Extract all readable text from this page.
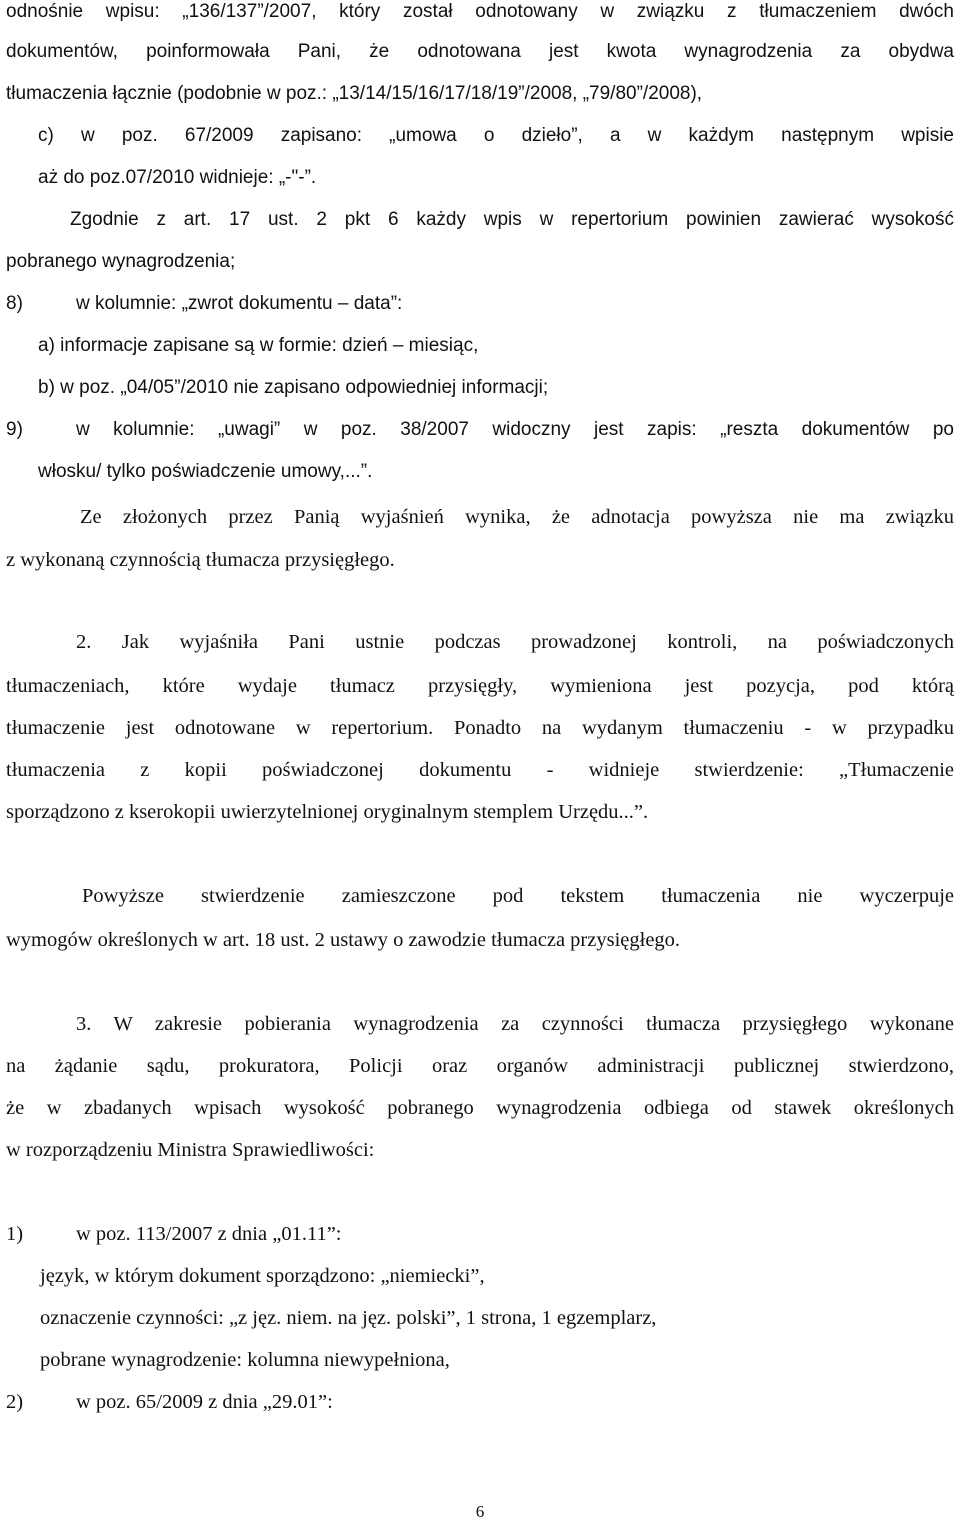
odnośnie wpisu: „136/137”/2007, który został odnotowany w związku z tłumaczeniem dwóch
dokumentów, poinformowała Pani, że odnotowana jest kwota wynagrodzenia za obydwa
tłumaczenia łącznie (podobnie w poz.: „13/14/15/16/17/18/19”/2008, „79/80”/2008),
c) w poz. 67/2009 zapisano: „umowa o dzieło”, a w każdym następnym wpisie
aż do poz.07/2010 widnieje: „-"-”.
Zgodnie z art. 17 ust. 2 pkt 6 każdy wpis w repertorium powinien zawierać wysokość
pobranego wynagrodzenia;
8)	w kolumnie: „zwrot dokumentu – data”:
a) informacje zapisane są w formie: dzień – miesiąc,
b) w poz. „04/05”/2010 nie zapisano odpowiedniej informacji;
9)	w kolumnie: „uwagi” w poz. 38/2007 widoczny jest zapis: „reszta dokumentów po
włosku/ tylko poświadczenie umowy,...”.
Ze złożonych przez Panią wyjaśnień wynika, że adnotacja powyższa nie ma związku
z wykonaną czynnością tłumacza przysięgłego.
2. Jak wyjaśniła Pani ustnie podczas prowadzonej kontroli, na poświadczonych
tłumaczeniach, które wydaje tłumacz przysięgły, wymieniona jest pozycja, pod którą
tłumaczenie jest odnotowane w repertorium. Ponadto na wydanym tłumaczeniu - w przypadku
tłumaczenia z kopii poświadczonej dokumentu - widnieje stwierdzenie: „Tłumaczenie
sporządzono z kserokopii uwierzytelnionej oryginalnym stemplem Urzędu...”.
Powyższe stwierdzenie zamieszczone pod tekstem tłumaczenia nie wyczerpuje
wymogów określonych w art. 18 ust. 2 ustawy o zawodzie tłumacza przysięgłego.
3. W zakresie pobierania wynagrodzenia za czynności tłumacza przysięgłego wykonane
na żądanie sądu, prokuratora, Policji oraz organów administracji publicznej stwierdzono,
że w zbadanych wpisach wysokość pobranego wynagrodzenia odbiega od stawek określonych
w rozporządzeniu Ministra Sprawiedliwości:
1)	w poz. 113/2007 z dnia „01.11”:
język, w którym dokument sporządzono: „niemiecki”,
oznaczenie czynności: „z jęz. niem. na jęz. polski”, 1 strona, 1 egzemplarz,
pobrane wynagrodzenie: kolumna niewypełniona,
2)	w poz. 65/2009 z dnia „29.01”:
6
